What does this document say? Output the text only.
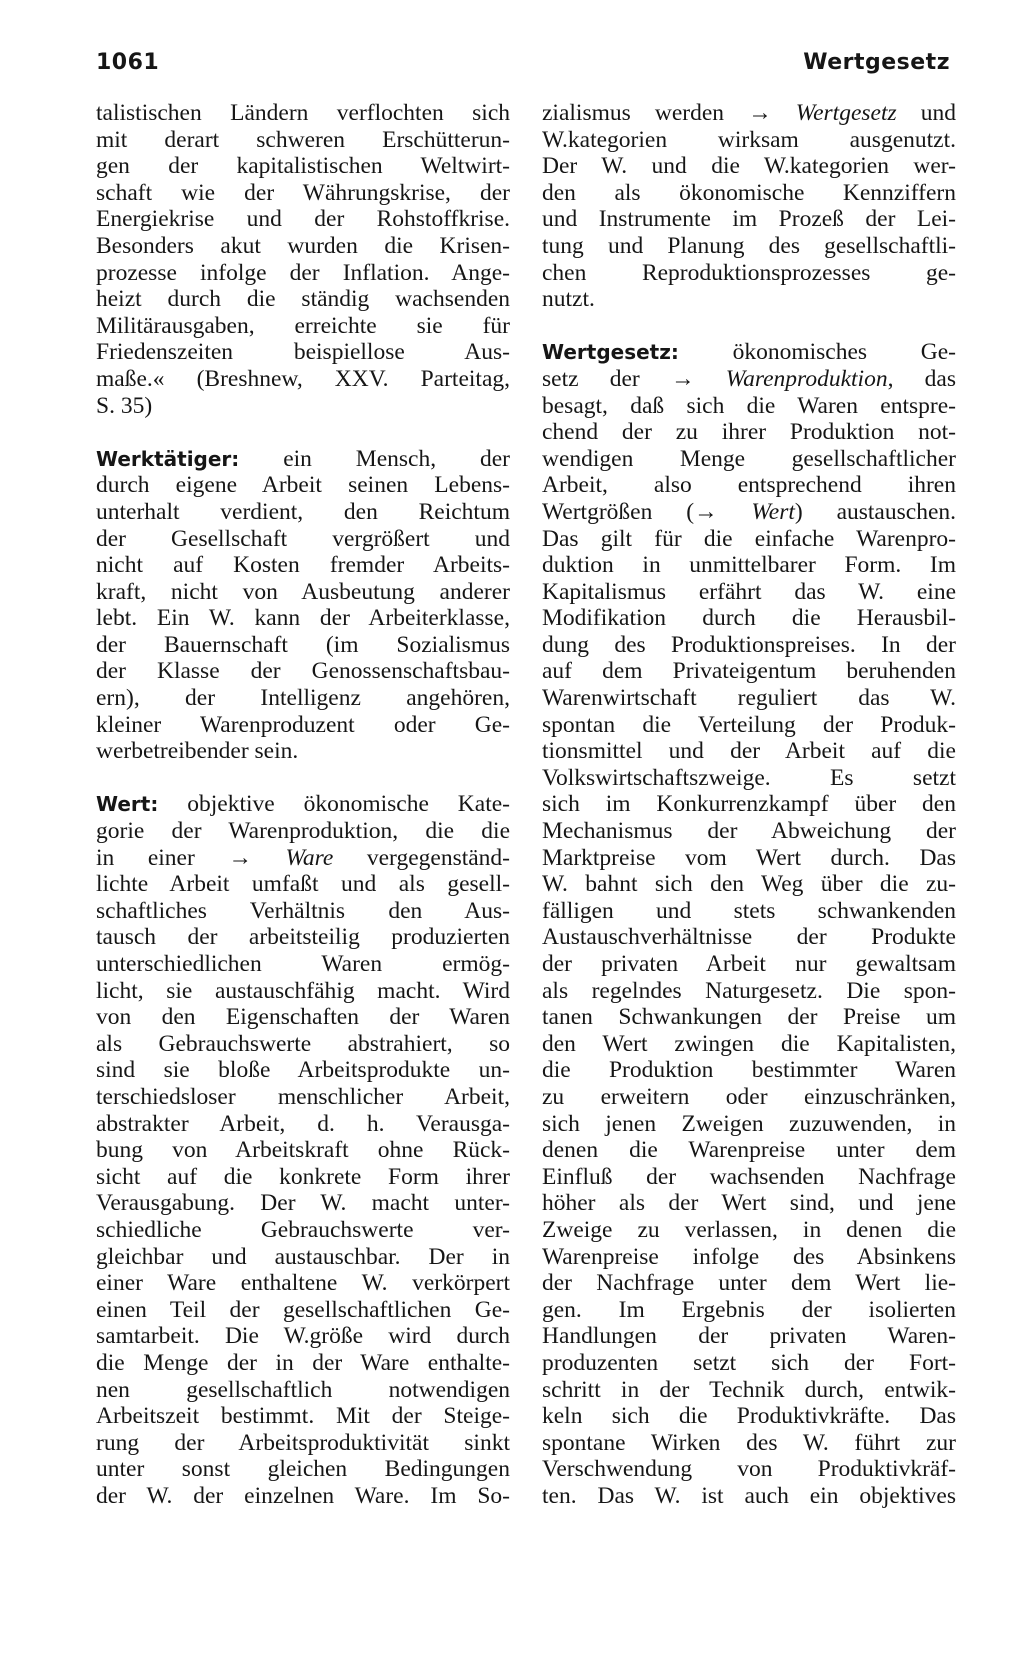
1061	Wertgesetz
talistischen Ländern verflochten sich
mit derart schweren Erschütterun-
gen der kapitalistischen Weltwirt-
schaft wie der Währungskrise, der
Energiekrise und der Rohstoffkrise.
Besonders akut wurden die Krisen-
prozesse infolge der Inflation. Ange-
heizt durch die ständig wachsenden
Militärausgaben, erreichte sie für
Friedenszeiten beispiellose Aus-
maße.« (Breshnew, XXV. Parteitag,
S. 35)
Werktätiger: ein Mensch, der
durch eigene Arbeit seinen Lebens-
unterhalt verdient, den Reichtum
der Gesellschaft vergrößert und
nicht auf Kosten fremder Arbeits-
kraft, nicht von Ausbeutung anderer
lebt. Ein W. kann der Arbeiterklasse,
der Bauernschaft (im Sozialismus
der Klasse der Genossenschaftsbau-
ern), der Intelligenz angehören,
kleiner Warenproduzent oder Ge-
werbetreibender sein.
Wert: objektive ökonomische Kate-
gorie der Warenproduktion, die die
in einer → Ware vergegenständ-
lichte Arbeit umfaßt und als gesell-
schaftliches Verhältnis den Aus-
tausch der arbeitsteilig produzierten
unterschiedlichen Waren ermög-
licht, sie austauschfähig macht. Wird
von den Eigenschaften der Waren
als Gebrauchswerte abstrahiert, so
sind sie bloße Arbeitsprodukte un-
terschiedsloser menschlicher Arbeit,
abstrakter Arbeit, d. h. Verausga-
bung von Arbeitskraft ohne Rück-
sicht auf die konkrete Form ihrer
Verausgabung. Der W. macht unter-
schiedliche Gebrauchswerte ver-
gleichbar und austauschbar. Der in
einer Ware enthaltene W. verkörpert
einen Teil der gesellschaftlichen Ge-
samtarbeit. Die W.größe wird durch
die Menge der in der Ware enthalte-
nen gesellschaftlich notwendigen
Arbeitszeit bestimmt. Mit der Steige-
rung der Arbeitsproduktivität sinkt
unter sonst gleichen Bedingungen
der W. der einzelnen Ware. Im So-
zialismus werden → Wertgesetz und
W.kategorien wirksam ausgenutzt.
Der W. und die W.kategorien wer-
den als ökonomische Kennziffern
und Instrumente im Prozeß der Lei-
tung und Planung des gesellschaftli-
chen Reproduktionsprozesses ge-
nutzt.
Wertgesetz: ökonomisches Ge-
setz der → Warenproduktion, das
besagt, daß sich die Waren entspre-
chend der zu ihrer Produktion not-
wendigen Menge gesellschaftlicher
Arbeit, also entsprechend ihren
Wertgrößen (→ Wert) austauschen.
Das gilt für die einfache Warenpro-
duktion in unmittelbarer Form. Im
Kapitalismus erfährt das W. eine
Modifikation durch die Herausbil-
dung des Produktionspreises. In der
auf dem Privateigentum beruhenden
Warenwirtschaft reguliert das W.
spontan die Verteilung der Produk-
tionsmittel und der Arbeit auf die
Volkswirtschaftszweige. Es setzt
sich im Konkurrenzkampf über den
Mechanismus der Abweichung der
Marktpreise vom Wert durch. Das
W. bahnt sich den Weg über die zu-
fälligen und stets schwankenden
Austauschverhältnisse der Produkte
der privaten Arbeit nur gewaltsam
als regelndes Naturgesetz. Die spon-
tanen Schwankungen der Preise um
den Wert zwingen die Kapitalisten,
die Produktion bestimmter Waren
zu erweitern oder einzuschränken,
sich jenen Zweigen zuzuwenden, in
denen die Warenpreise unter dem
Einfluß der wachsenden Nachfrage
höher als der Wert sind, und jene
Zweige zu verlassen, in denen die
Warenpreise infolge des Absinkens
der Nachfrage unter dem Wert lie-
gen. Im Ergebnis der isolierten
Handlungen der privaten Waren-
produzenten setzt sich der Fort-
schritt in der Technik durch, entwik-
keln sich die Produktivkräfte. Das
spontane Wirken des W. führt zur
Verschwendung von Produktivkräf-
ten. Das W. ist auch ein objektives
